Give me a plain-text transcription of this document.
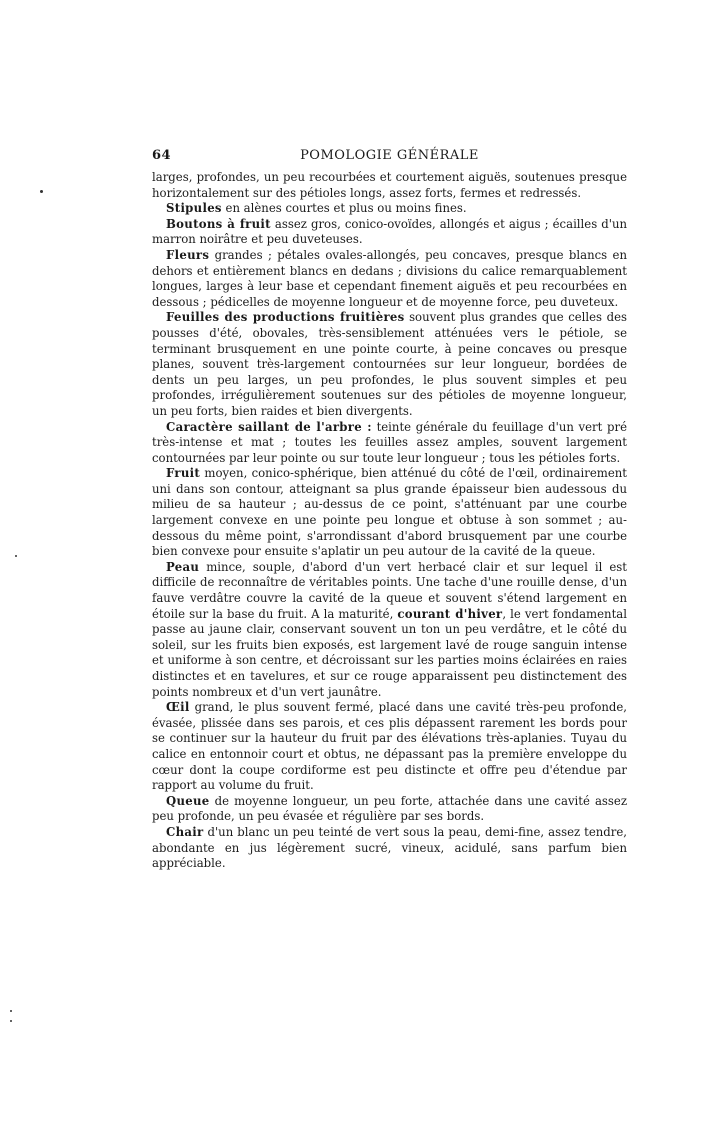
64	POMOLOGIE GÉNÉRALE

larges, profondes, un peu recourbées et courtement aiguës, soutenues presque horizontalement sur des pétioles longs, assez forts, fermes et redressés.

Stipules en alènes courtes et plus ou moins fines.

Boutons à fruit assez gros, conico-ovoïdes, allongés et aigus ; écailles d'un marron noirâtre et peu duveteuses.

Fleurs grandes ; pétales ovales-allongés, peu concaves, presque blancs en dehors et entièrement blancs en dedans ; divisions du calice remarquablement longues, larges à leur base et cependant finement aiguës et peu recourbées en dessous ; pédicelles de moyenne longueur et de moyenne force, peu duveteux.

Feuilles des productions fruitières souvent plus grandes que celles des pousses d'été, obovales, très-sensiblement atténuées vers le pétiole, se terminant brusquement en une pointe courte, à peine concaves ou presque planes, souvent très-largement contournées sur leur longueur, bordées de dents un peu larges, un peu profondes, le plus souvent simples et peu profondes, irrégulièrement soutenues sur des pétioles de moyenne longueur, un peu forts, bien raides et bien divergents.

Caractère saillant de l'arbre : teinte générale du feuillage d'un vert pré très-intense et mat ; toutes les feuilles assez amples, souvent largement contournées par leur pointe ou sur toute leur longueur ; tous les pétioles forts.

Fruit moyen, conico-sphérique, bien atténué du côté de l'œil, ordinairement uni dans son contour, atteignant sa plus grande épaisseur bien audessous du milieu de sa hauteur ; au-dessus de ce point, s'atténuant par une courbe largement convexe en une pointe peu longue et obtuse à son sommet ; au-dessous du même point, s'arrondissant d'abord brusquement par une courbe bien convexe pour ensuite s'aplatir un peu autour de la cavité de la queue.

Peau mince, souple, d'abord d'un vert herbacé clair et sur lequel il est difficile de reconnaître de véritables points. Une tache d'une rouille dense, d'un fauve verdâtre couvre la cavité de la queue et souvent s'étend largement en étoile sur la base du fruit. A la maturité, courant d'hiver, le vert fondamental passe au jaune clair, conservant souvent un ton un peu verdâtre, et le côté du soleil, sur les fruits bien exposés, est largement lavé de rouge sanguin intense et uniforme à son centre, et décroissant sur les parties moins éclairées en raies distinctes et en tavelures, et sur ce rouge apparaissent peu distinctement des points nombreux et d'un vert jaunâtre.

Œil grand, le plus souvent fermé, placé dans une cavité très-peu profonde, évasée, plissée dans ses parois, et ces plis dépassent rarement les bords pour se continuer sur la hauteur du fruit par des élévations très-aplanies. Tuyau du calice en entonnoir court et obtus, ne dépassant pas la première enveloppe du cœur dont la coupe cordiforme est peu distincte et offre peu d'étendue par rapport au volume du fruit.

Queue de moyenne longueur, un peu forte, attachée dans une cavité assez peu profonde, un peu évasée et régulière par ses bords.

Chair d'un blanc un peu teinté de vert sous la peau, demi-fine, assez tendre, abondante en jus légèrement sucré, vineux, acidulé, sans parfum bien appréciable.
